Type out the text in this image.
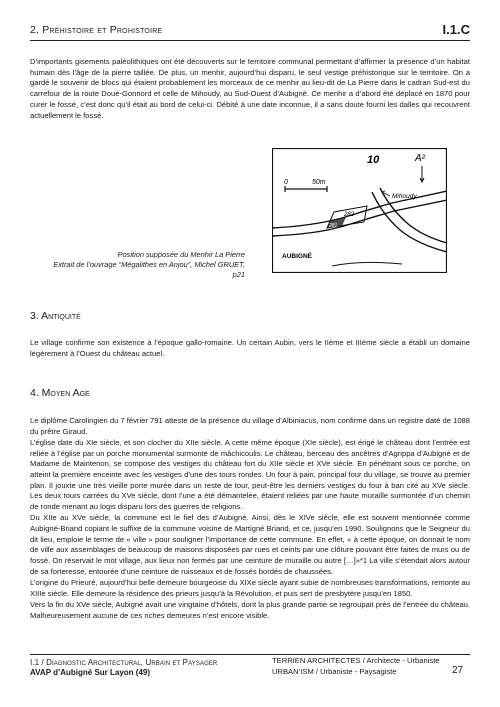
2. Préhistoire et Prohistoire	I.1.C

D’importants gisements paléolithiques ont été découverts sur le territoire communal permettant d’affirmer la présence d’un habitat humain dès l’âge de la pierre taillée. De plus, un menhir, aujourd’hui disparu, le seul vestige préhistorique sur le territoire. On a gardé le souvenir de blocs qui étaient probablement les morceaux de ce menhir au lieu-dit de La Pierre dans le cadran Sud-est du carrefour de la route Doué-Gonnord et celle de Mihoudy, au Sud-Ouest d’Aubigné. Ce menhir a d’abord été déplacé en 1870 pour curer le fossé, c’est donc qu’il était au bord de celui-ci. Débité à une date inconnue, il a sans doute fourni les dalles qui recouvrent actuellement le fossé.

10	A²
0	50m
282
281
Mihoudy
AUBIGNÉ
Position supposée du Menhir La Pierre
Extrait de l’ouvrage “Mégalithes en Anjou”, Michel GRUET,
p21
3. Antiquité

Le village confirme son existence à l’époque gallo-romaine. Un certain Aubin, vers le IIème et IIIème siècle a établi un domaine légèrement à l’Ouest du château actuel.

4. Moyen Age

Le diplôme Carolingien du 7 février 791 atteste de la présence du village d’Albiniacus, nom confirmé dans un registre daté de 1088 du prêtre Giraud.

L’église date du XIe siècle, et son clocher du XIIe siècle. A cette même époque (XIe siècle), est érigé le château dont l’entrée est reliée à l’église par un porche monumental surmonté de mâchicoulis. Le château, berceau des ancêtres d’Agrippa d’Aubigné et de Madame de Maintenon, se compose des vestiges du château fort du XIIe siècle et XVe siècle. En pénétrant sous ce porche, on atteint la première enceinte avec les vestiges d’une des tours rondes. Un four à pain, principal four du village, se trouve au premier plan. Il jouxte une très vieille porte murée dans un reste de tour, peut-être les derniers vestiges du four à ban cité au XVe siècle. Les deux tours carrées du XVe siècle, dont l’une a été démantelée, étaient reliées par une haute muraille surmontée d’un chemin de ronde menant au logis disparu lors des guerres de religions.

Du XIIe au XVe siècle, la commune est le fief des d’Aubigné. Ainsi, dès le XIVe siècle, elle est souvent mentionnée comme Aubigné-Briand copiant le suffixe de la commune voisine de Martigné Briand, et ce, jusqu’en 1990. Soulignons que le Seigneur du dit lieu, emploie le terme de « ville » pour souligner l’importance de cette commune. En effet, « à cette époque, on donnait le nom de ville aux assemblages de beaucoup de maisons disposées par rues et ceints par une clôture pouvant être faites de murs ou de fossé. On réservait le mot village, aux lieux non fermés par une ceinture de muraille ou autre […]»*1 La ville s’étendait alors autour de sa forteresse, entourée d’une ceinture de ruisseaux et de fossés bordés de chaussées.

L’origine du Prieuré, aujourd’hui belle demeure bourgeoise du XIXe siècle ayant subie de nombreuses transformations, remonte au XIIIe siècle. Elle demeure la résidence des prieurs jusqu’à la Révolution, et puis sert de presbytère jusqu’en 1850.

Vers la fin du XVe siècle, Aubigné avait une vingtaine d’hôtels, dont la plus grande partie se regroupait près de l’entrée du château. Malheureusement aucune de ces riches demeures n’est encore visible.

I.1 / Diagnostic Architectural, Urbain et Paysager
AVAP d’Aubigné Sur Layon (49)
TERRIEN ARCHITECTES / Architecte - Urbaniste
URBAN’ISM / Urbaniste - Paysagiste	27
